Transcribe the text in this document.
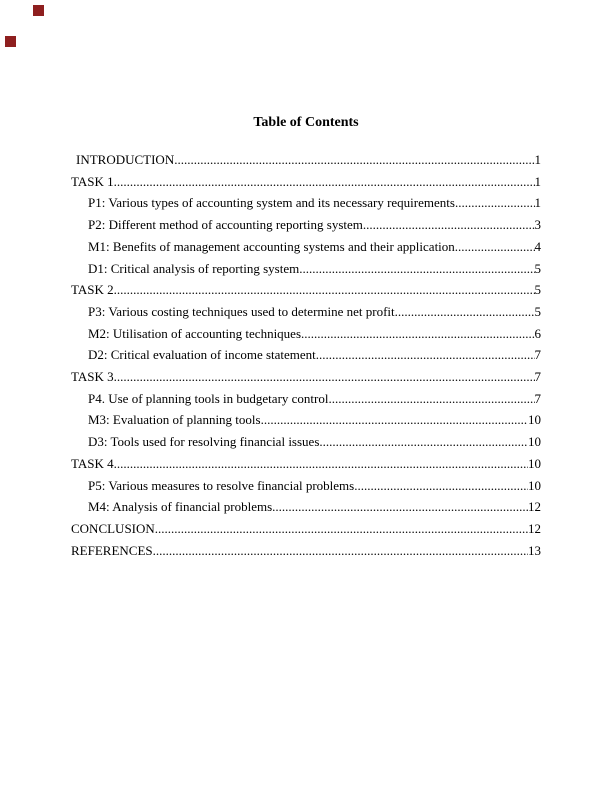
Table of Contents
INTRODUCTION .....	1
TASK 1 .....	1
P1: Various types of accounting system and its necessary requirements .....	1
P2: Different method of accounting reporting system .....	3
M1: Benefits of management accounting systems and their application .....	4
D1: Critical analysis of reporting system .....	5
TASK 2 .....	5
P3: Various costing techniques used to determine net profit .....	5
M2: Utilisation of accounting techniques .....	6
D2: Critical evaluation of income statement .....	7
TASK 3 .....	7
P4. Use of planning tools in budgetary control .....	7
M3: Evaluation of planning tools .....	10
D3: Tools used for resolving financial issues .....	10
TASK 4 .....	10
P5: Various measures to resolve financial problems .....	10
M4: Analysis of financial problems .....	12
CONCLUSION .....	12
REFERENCES .....	13
